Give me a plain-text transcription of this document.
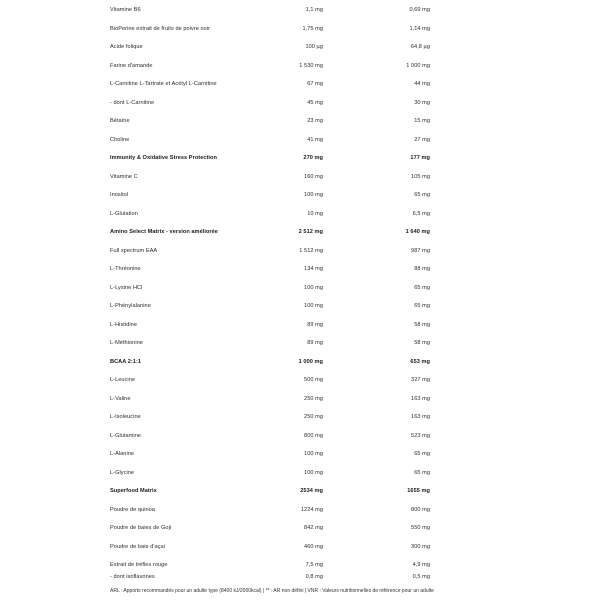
Vitamine B6	1,1 mg	0,69 mg
BioPerine extrait de fruits de poivre noir	1,75 mg	1,14 mg
Acide folique	100 µg	64,8 µg
Farine d'amande	1 530 mg	1 000 mg
L-Carnitine L-Tartrate et Acétyl L-Carnitine	67 mg	44 mg
- dont L-Carnitine	45 mg	30 mg
Bétaïne	23 mg	15 mg
Choline	41 mg	27 mg
Immunity & Oxidative Stress Protection	270 mg	177 mg
Vitamine C	160 mg	105 mg
Inositol	100 mg	65 mg
L-Glutation	10 mg	6,5 mg
Amino Select Matrix - version améliorée	2 512 mg	1 640 mg
Full spectrum EAA	1 512 mg	987 mg
L-Thréonine	134 mg	88 mg
L-Lysine HCl	100 mg	65 mg
L-Phénylalanine	100 mg	65 mg
L-Histidine	89 mg	58 mg
L-Méthionine	89 mg	58 mg
BCAA 2:1:1	1 000 mg	653 mg
L-Leucine	500 mg	327 mg
L-Valine	250 mg	163 mg
L-Isoleucine	250 mg	163 mg
L-Glutamine	800 mg	523 mg
L-Alanine	100 mg	65 mg
L-Glycine	100 mg	65 mg
Superfood Matrix	2534 mg	1655 mg
Poudre de quinoa	1224 mg	800 mg
Poudre de baies de Goji	842 mg	550 mg
Poudre de baie d'açai	460 mg	300 mg
Extrait de trèfles rouge	7,5 mg	4,9 mg
- dont isoflavones	0,8 mg	0,5 mg
ARL : Apports recommandés pour un adulte type (8400 kJ/2000kcal) | ** : AR non défini | VNR : Valeurs nutritionnelles de référence pour un adulte
